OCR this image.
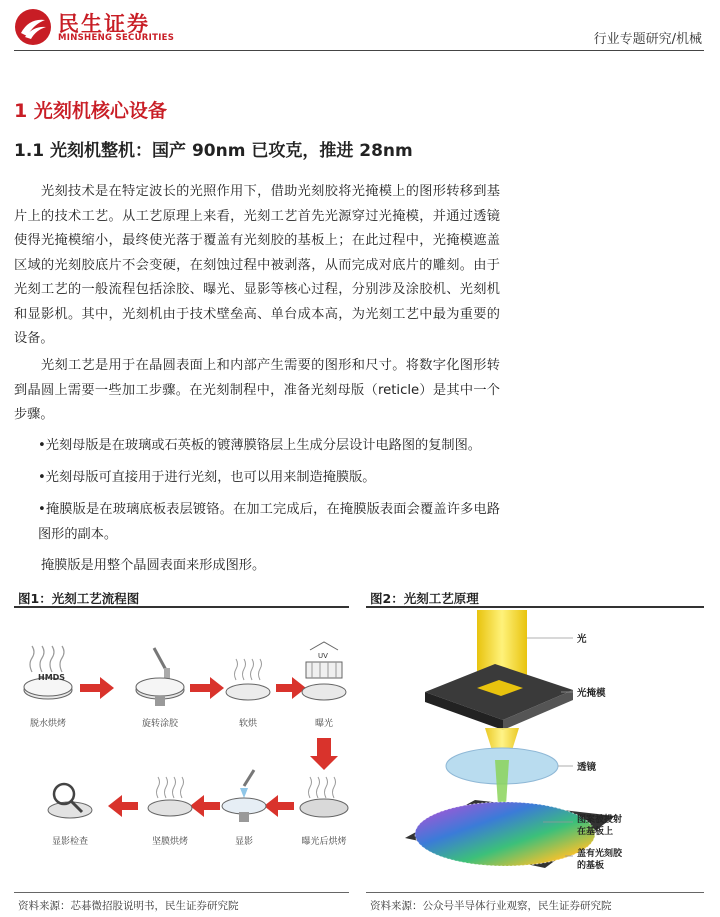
民生证券
MINSHENG SECURITIES	行业专题研究/机械
1 光刻机核心设备
1.1 光刻机整机：国产 90nm 已攻克，推进 28nm
光刻技术是在特定波长的光照作用下，借助光刻胶将光掩模上的图形转移到基片上的技术工艺。从工艺原理上来看，光刻工艺首先光源穿过光掩模，并通过透镜使得光掩模缩小，最终使光落于覆盖有光刻胶的基板上；在此过程中，光掩模遮盖区域的光刻胶底片不会变硬，在刻蚀过程中被剥落，从而完成对底片的雕刻。由于光刻工艺的一般流程包括涂胶、曝光、显影等核心过程，分别涉及涂胶机、光刻机和显影机。其中，光刻机由于技术壁垒高、单台成本高，为光刻工艺中最为重要的设备。
光刻工艺是用于在晶圆表面上和内部产生需要的图形和尺寸。将数字化图形转到晶圆上需要一些加工步骤。在光刻制程中，准备光刻母版（reticle）是其中一个步骤。
•光刻母版是在玻璃或石英板的镀薄膜铬层上生成分层设计电路图的复制图。
•光刻母版可直接用于进行光刻，也可以用来制造掩膜版。
•掩膜版是在玻璃底板表层镀铬。在加工完成后，在掩膜版表面会覆盖许多电路图形的副本。
掩膜版是用整个晶圆表面来形成图形。
图1：光刻工艺流程图	图2：光刻工艺原理
HMDS
UV
脱水烘烤	旋转涂胶	软烘	曝光
曝光后烘烤
显影
坚膜烘烤
显影检查
光
光掩模
透镜
图案被投射
在基板上
盖有光刻胶
的基板
资料来源：芯碁微招股说明书，民生证券研究院	资料来源：公众号半导体行业观察，民生证券研究院
